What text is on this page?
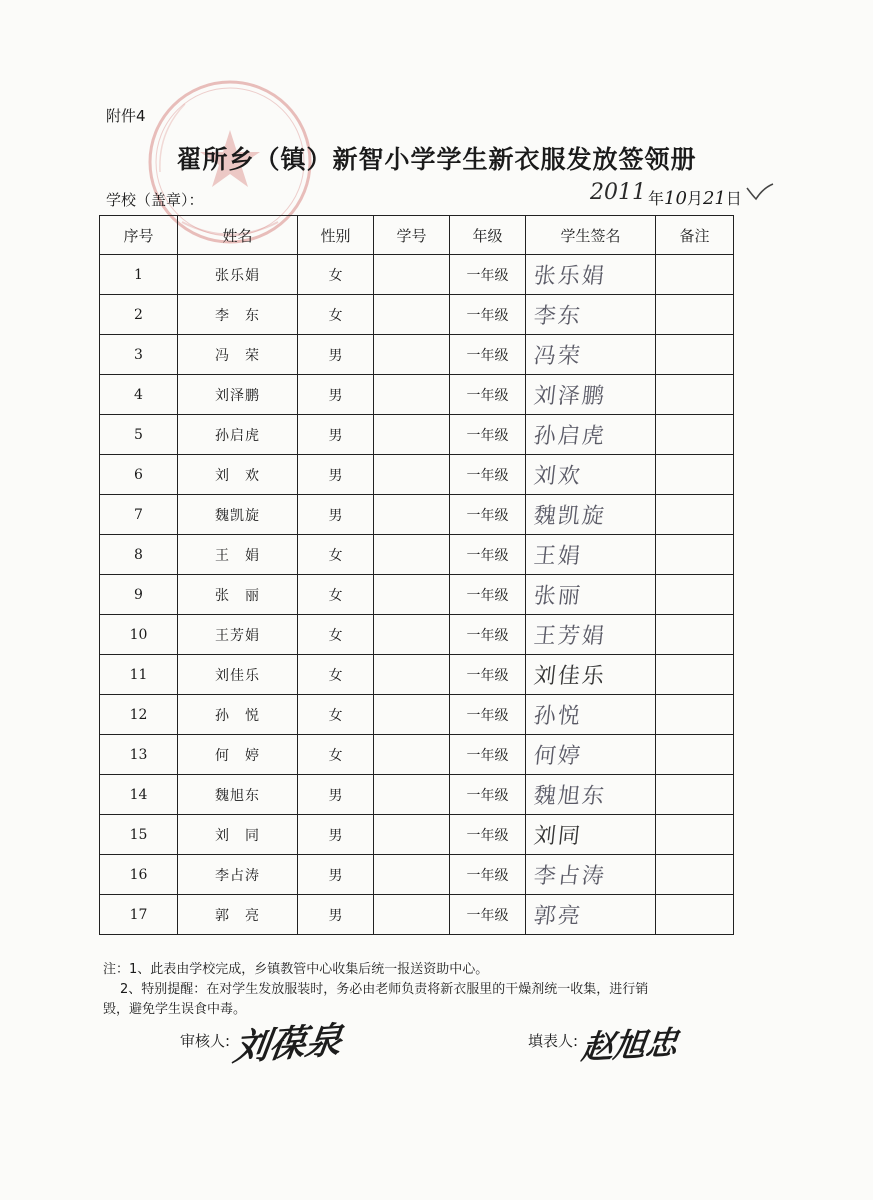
附件4
翟所乡（镇）新智小学学生新衣服发放签领册
学校（盖章）：	2011 年10月21日
序号	姓名	性别	学号	年级	学生签名	备注
1	张乐娟	女		一年级	张乐娟	

2	李　东	女		一年级	李东	

3	冯　荣	男		一年级	冯荣	

4	刘泽鹏	男		一年级	刘泽鹏	

5	孙启虎	男		一年级	孙启虎	

6	刘　欢	男		一年级	刘欢	

7	魏凯旋	男		一年级	魏凯旋	

8	王　娟	女		一年级	王娟	

9	张　丽	女		一年级	张丽	

10	王芳娟	女		一年级	王芳娟	

11	刘佳乐	女		一年级	刘佳乐	

12	孙　悦	女		一年级	孙悦	

13	何　婷	女		一年级	何婷	

14	魏旭东	男		一年级	魏旭东	

15	刘　同	男		一年级	刘同	

16	李占涛	男		一年级	李占涛	

17	郭　亮	男		一年级	郭亮	

注：1、此表由学校完成，乡镇教管中心收集后统一报送资助中心。

2、特别提醒：在对学生发放服装时，务必由老师负责将新衣服里的干燥剂统一收集，进行销

毁，避免学生误食中毒。

审核人: 刘葆泉	填表人: 赵旭忠
